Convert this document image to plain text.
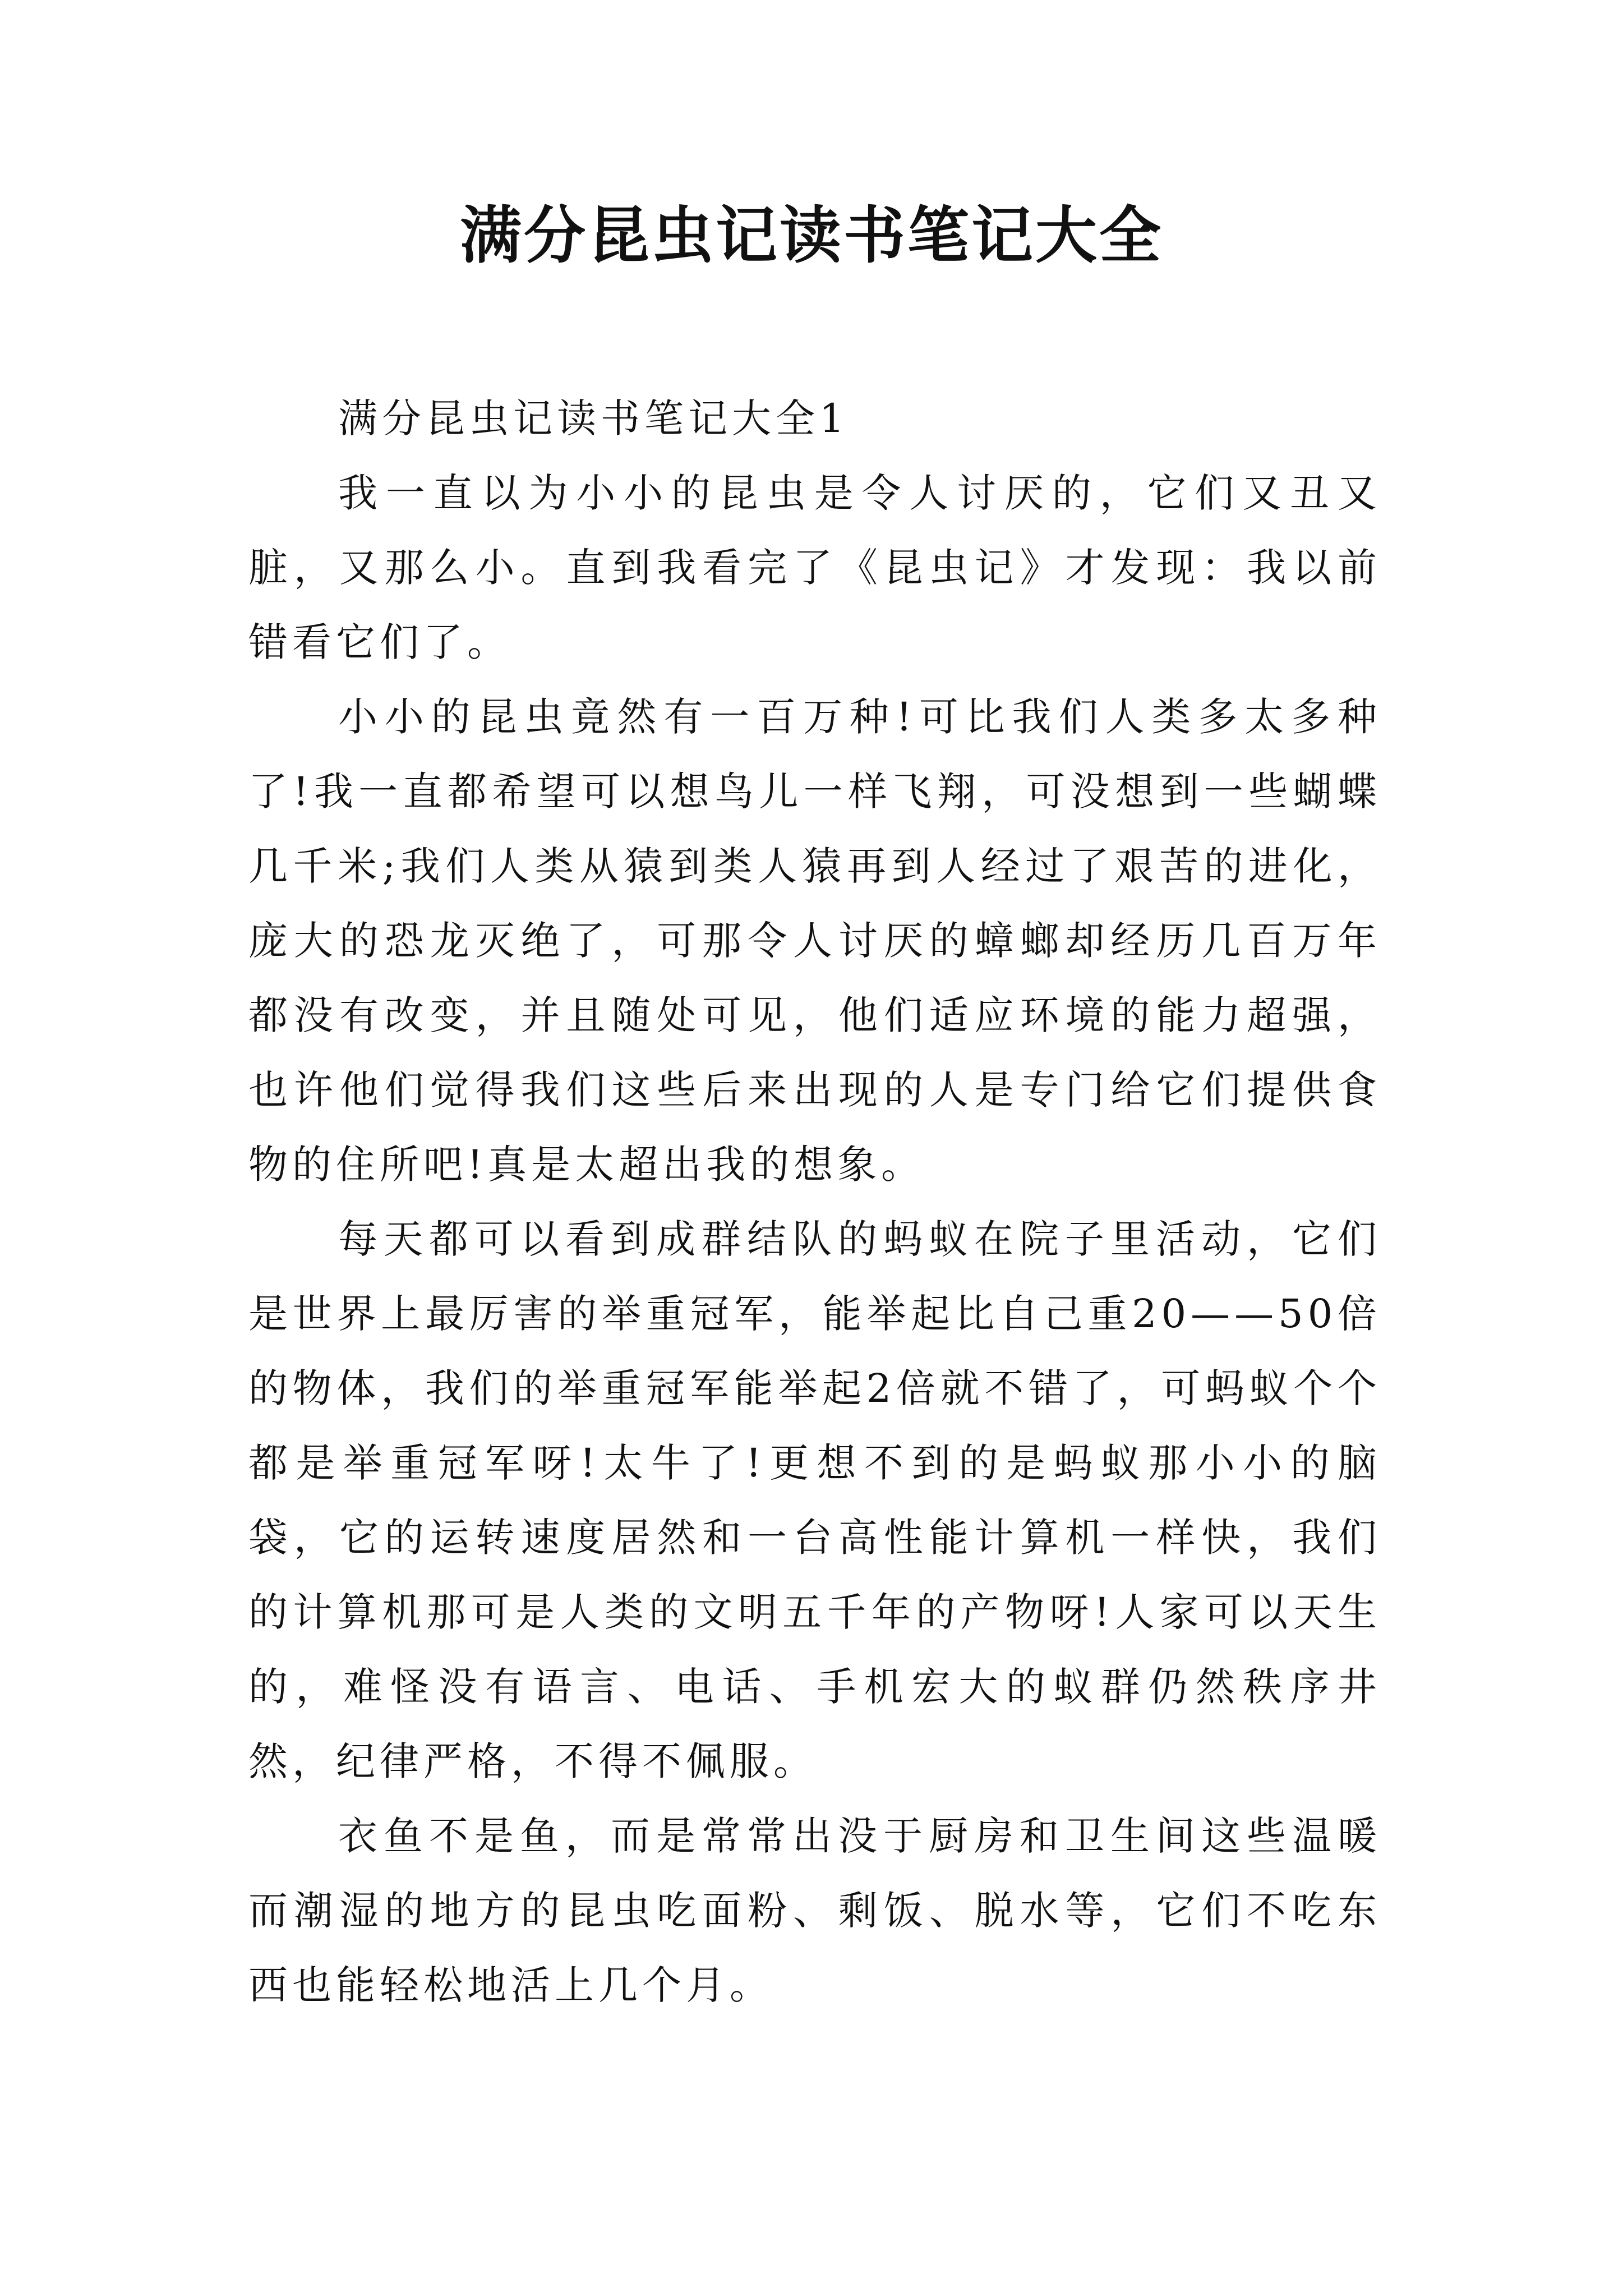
满分昆虫记读书笔记大全

满分昆虫记读书笔记大全1

我一直以为小小的昆虫是令人讨厌的，它们又丑又脏，又那么小。直到我看完了《昆虫记》才发现：我以前错看它们了。

小小的昆虫竟然有一百万种!可比我们人类多太多种了!我一直都希望可以想鸟儿一样飞翔，可没想到一些蝴蝶几千米;我们人类从猿到类人猿再到人经过了艰苦的进化，庞大的恐龙灭绝了，可那令人讨厌的蟑螂却经历几百万年都没有改变，并且随处可见，他们适应环境的能力超强，也许他们觉得我们这些后来出现的人是专门给它们提供食物的住所吧!真是太超出我的想象。

每天都可以看到成群结队的蚂蚁在院子里活动，它们是世界上最厉害的举重冠军，能举起比自己重20——50倍的物体，我们的举重冠军能举起2倍就不错了，可蚂蚁个个都是举重冠军呀!太牛了!更想不到的是蚂蚁那小小的脑袋，它的运转速度居然和一台高性能计算机一样快，我们的计算机那可是人类的文明五千年的产物呀!人家可以天生的，难怪没有语言、电话、手机宏大的蚁群仍然秩序井然，纪律严格，不得不佩服。

衣鱼不是鱼，而是常常出没于厨房和卫生间这些温暖而潮湿的地方的昆虫吃面粉、剩饭、脱水等，它们不吃东西也能轻松地活上几个月。
